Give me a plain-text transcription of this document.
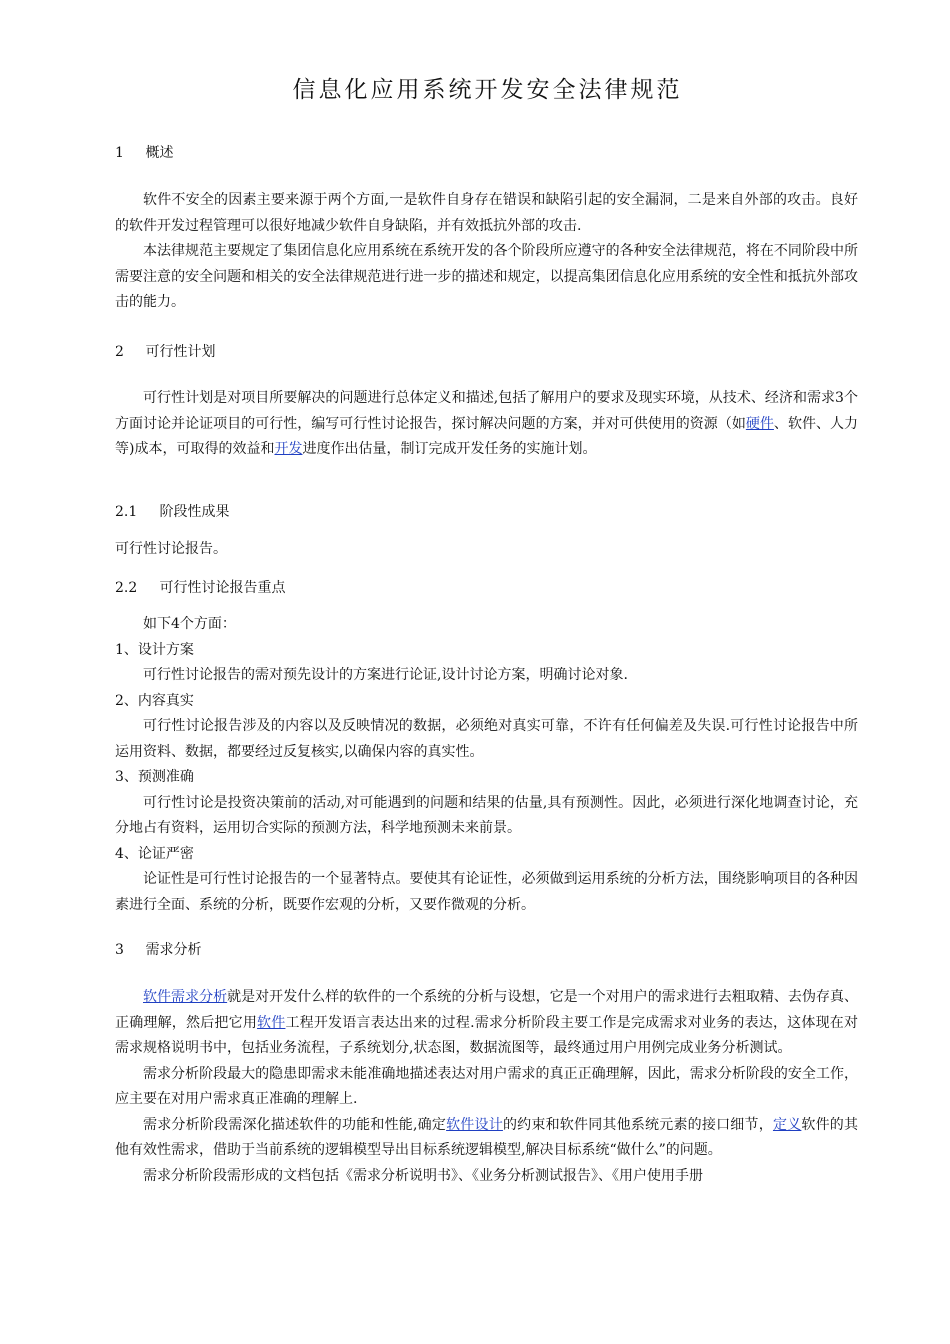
信息化应用系统开发安全法律规范
1 概述

软件不安全的因素主要来源于两个方面,一是软件自身存在错误和缺陷引起的安全漏洞，二是来自外部的攻击。良好的软件开发过程管理可以很好地减少软件自身缺陷，并有效抵抗外部的攻击.

本法律规范主要规定了集团信息化应用系统在系统开发的各个阶段所应遵守的各种安全法律规范，将在不同阶段中所需要注意的安全问题和相关的安全法律规范进行进一步的描述和规定，以提高集团信息化应用系统的安全性和抵抗外部攻击的能力。

2 可行性计划

可行性计划是对项目所要解决的问题进行总体定义和描述,包括了解用户的要求及现实环境，从技术、经济和需求3个方面讨论并论证项目的可行性，编写可行性讨论报告，探讨解决问题的方案，并对可供使用的资源（如硬件、软件、人力等)成本，可取得的效益和开发进度作出估量，制订完成开发任务的实施计划。

2.1 阶段性成果

可行性讨论报告。

2.2 可行性讨论报告重点

如下4个方面：

1、设计方案

可行性讨论报告的需对预先设计的方案进行论证,设计讨论方案，明确讨论对象.

2、内容真实

可行性讨论报告涉及的内容以及反映情况的数据，必须绝对真实可靠，不许有任何偏差及失误.可行性讨论报告中所运用资料、数据，都要经过反复核实,以确保内容的真实性。

3、预测准确

可行性讨论是投资决策前的活动,对可能遇到的问题和结果的估量,具有预测性。因此，必须进行深化地调查讨论，充分地占有资料，运用切合实际的预测方法，科学地预测未来前景。

4、论证严密

论证性是可行性讨论报告的一个显著特点。要使其有论证性，必须做到运用系统的分析方法，围绕影响项目的各种因素进行全面、系统的分析，既要作宏观的分析，又要作微观的分析。

3 需求分析

软件需求分析就是对开发什么样的软件的一个系统的分析与设想，它是一个对用户的需求进行去粗取精、去伪存真、正确理解，然后把它用软件工程开发语言表达出来的过程.需求分析阶段主要工作是完成需求对业务的表达，这体现在对需求规格说明书中，包括业务流程，子系统划分,状态图，数据流图等，最终通过用户用例完成业务分析测试。

需求分析阶段最大的隐患即需求未能准确地描述表达对用户需求的真正正确理解，因此，需求分析阶段的安全工作，应主要在对用户需求真正准确的理解上.

需求分析阶段需深化描述软件的功能和性能,确定软件设计的约束和软件同其他系统元素的接口细节，定义软件的其他有效性需求，借助于当前系统的逻辑模型导出目标系统逻辑模型,解决目标系统“做什么”的问题。

需求分析阶段需形成的文档包括《需求分析说明书》、《业务分析测试报告》、《用户使用手册
